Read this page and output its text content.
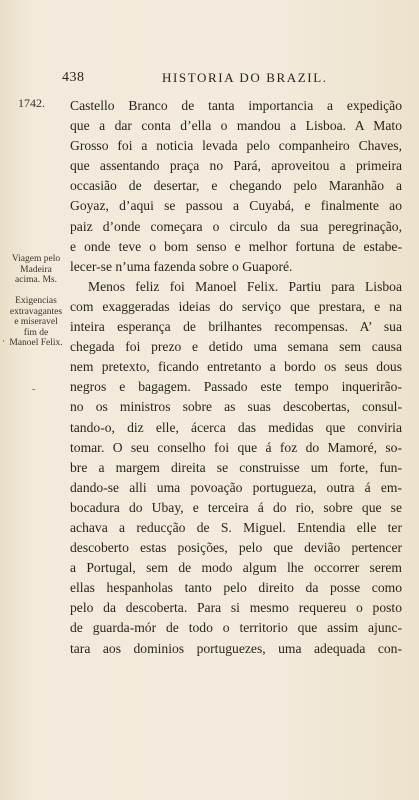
438	HISTORIA DO BRAZIL.
1742.
Viagem pelo
Madeira
acima. Ms.
Exigencias
extravagantes
e miseravel
fim de
Manoel Felix.
·
-
Castello Branco de tanta importancia a expedição
que a dar conta d’ella o mandou a Lisboa. A Mato
Grosso foi a noticia levada pelo companheiro Chaves,
que assentando praça no Pará, aproveitou a primeira
occasião de desertar, e chegando pelo Maranhão a
Goyaz, d’aqui se passou a Cuyabá, e finalmente ao
paiz d’onde começara o circulo da sua peregrinação,
e onde teve o bom senso e melhor fortuna de estabe-
lecer-se n’uma fazenda sobre o Guaporé.
Menos feliz foi Manoel Felix. Partiu para Lisboa
com exaggeradas ideias do serviço que prestara, e na
inteira esperança de brilhantes recompensas. A’ sua
chegada foi prezo e detido uma semana sem causa
nem pretexto, ficando entretanto a bordo os seus dous
negros e bagagem. Passado este tempo inquerirão-
no os ministros sobre as suas descobertas, consul-
tando-o, diz elle, ácerca das medidas que conviria
tomar. O seu conselho foi que á foz do Mamoré, so-
bre a margem direita se construisse um forte, fun-
dando-se alli uma povoação portugueza, outra á em-
bocadura do Ubay, e terceira á do rio, sobre que se
achava a reducção de S. Miguel. Entendia elle ter
descoberto estas posições, pelo que devião pertencer
a Portugal, sem de modo algum lhe occorrer serem
ellas hespanholas tanto pelo direito da posse como
pelo da descoberta. Para si mesmo requereu o posto
de guarda-mór de todo o territorio que assim ajunc-
tara aos dominios portuguezes, uma adequada con-
